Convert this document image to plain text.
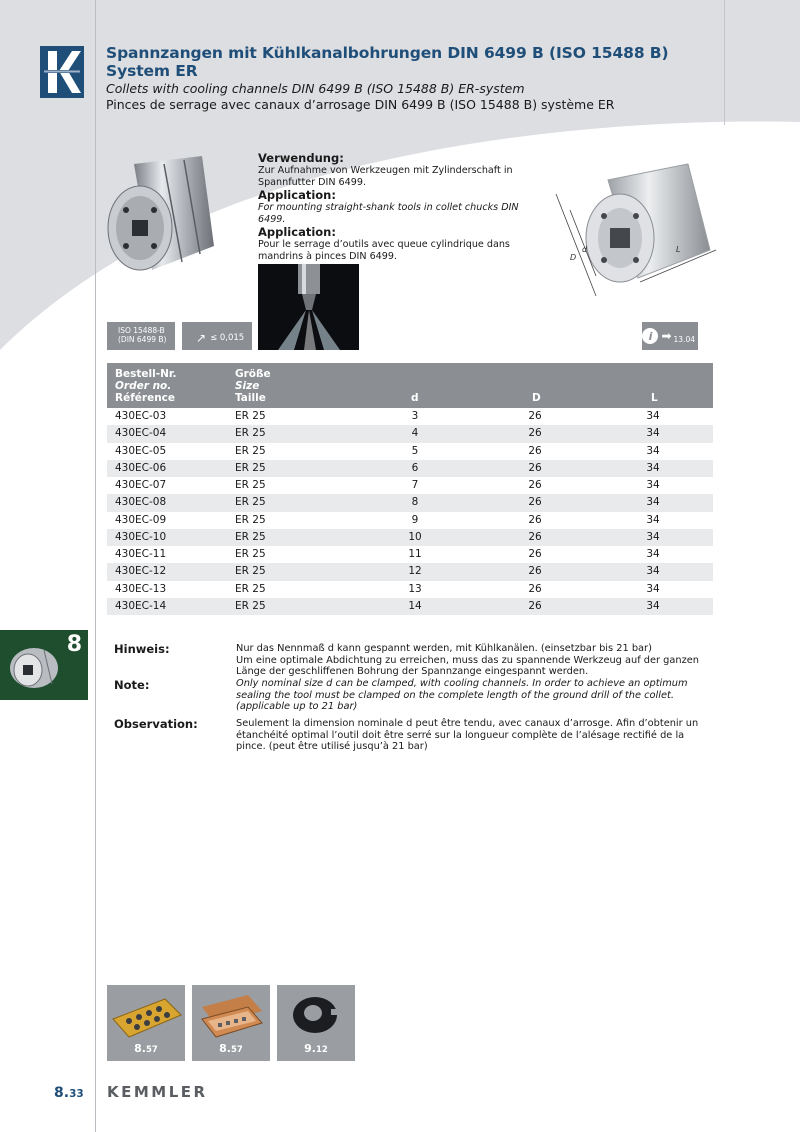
Spannzangen mit Kühlkanalbohrungen DIN 6499 B (ISO 15488 B) System ER
Collets with cooling channels DIN 6499 B (ISO 15488 B) ER-system
Pinces de serrage avec canaux d’arrosage DIN 6499 B (ISO 15488 B) système ER
Verwendung:
Zur Aufnahme von Werkzeugen mit Zylinderschaft in Spannfutter DIN 6499.
Application:
For mounting straight-shank tools in collet chucks DIN 6499.
Application:
Pour le serrage d’outils avec queue cylindrique dans mandrins à pinces DIN 6499.	D
d	L
ISO 15488-B
(DIN 6499 B)	↗ ≤ 0,015	i ➡ 13.04
Bestell-Nr.
Order no.
Référence
Größe
Size
Taille	d	D	L
430EC-03	ER 25	3	26	34
430EC-04	ER 25	4	26	34
430EC-05	ER 25	5	26	34
430EC-06	ER 25	6	26	34
430EC-07	ER 25	7	26	34
430EC-08	ER 25	8	26	34
430EC-09	ER 25	9	26	34
430EC-10	ER 25	10	26	34
430EC-11	ER 25	11	26	34
430EC-12	ER 25	12	26	34
430EC-13	ER 25	13	26	34
430EC-14	ER 25	14	26	34
8	Hinweis:	Nur das Nennmaß d kann gespannt werden, mit Kühlkanälen. (einsetzbar bis 21 bar)
Um eine optimale Abdichtung zu erreichen, muss das zu spannende Werkzeug auf der ganzen Länge der geschliffenen Bohrung der Spannzange eingespannt werden.
Note:	Only nominal size d can be clamped, with cooling channels. In order to achieve an optimum sealing the tool must be clamped on the complete length of the ground drill of the collet. (applicable up to 21 bar)
Observation:	Seulement la dimension nominale d peut être tendu, avec canaux d’arrosge. Afin d’obtenir un étanchéité optimal l’outil doit être serré sur la longueur complète de l’alésage rectifié de la pince. (peut être utilisé jusqu’à 21 bar)
8.57	8.57	9.12
8.33 KEMMLER
